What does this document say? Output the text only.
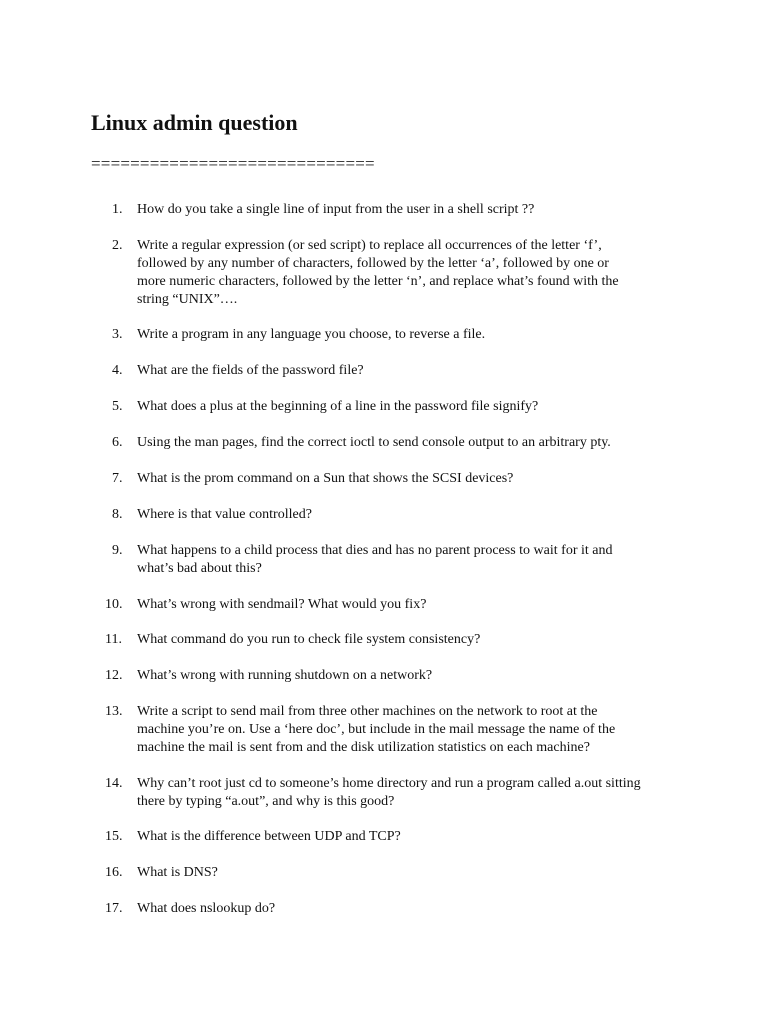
Linux admin question
=============================
1.	How do you take a single line of input from the user in a shell script ??
2.	Write a regular expression (or sed script) to replace all occurrences of the letter ‘f’,
followed by any number of characters, followed by the letter ‘a’, followed by one or
more numeric characters, followed by the letter ‘n’, and replace what’s found with the
string “UNIX”….
3.	Write a program in any language you choose, to reverse a file.
4.	What are the fields of the password file?
5.	What does a plus at the beginning of a line in the password file signify?
6.	Using the man pages, find the correct ioctl to send console output to an arbitrary pty.
7.	What is the prom command on a Sun that shows the SCSI devices?
8.	Where is that value controlled?
9.	What happens to a child process that dies and has no parent process to wait for it and
what’s bad about this?
10.	What’s wrong with sendmail? What would you fix?
11.	What command do you run to check file system consistency?
12.	What’s wrong with running shutdown on a network?
13.	Write a script to send mail from three other machines on the network to root at the
machine you’re on. Use a ‘here doc’, but include in the mail message the name of the
machine the mail is sent from and the disk utilization statistics on each machine?
14.	Why can’t root just cd to someone’s home directory and run a program called a.out sitting
there by typing “a.out”, and why is this good?
15.	What is the difference between UDP and TCP?
16.	What is DNS?
17.	What does nslookup do?
